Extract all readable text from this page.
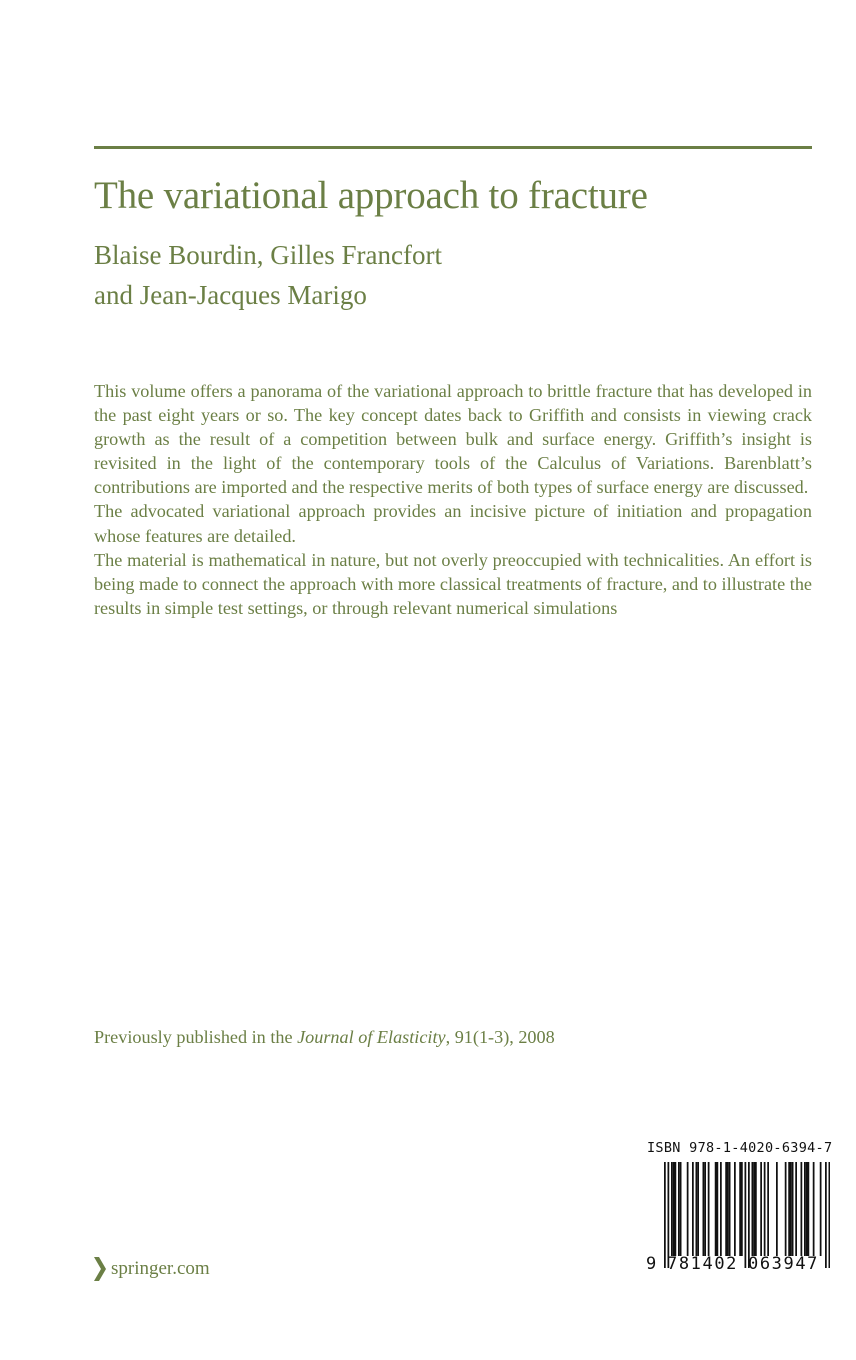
The variational approach to fracture
Blaise Bourdin, Gilles Francfort
and Jean-Jacques Marigo

This volume offers a panorama of the variational approach to brittle fracture that has developed in the past eight years or so. The key concept dates back to Griffith and consists in viewing crack growth as the result of a competition between bulk and surface energy. Griffith’s insight is revisited in the light of the contemporary tools of the Calculus of Variations. Barenblatt’s contributions are imported and the respective merits of both types of surface energy are discussed.

The advocated variational approach provides an incisive picture of initiation and propagation whose features are detailed.

The material is mathematical in nature, but not overly preoccupied with technicalities. An effort is being made to connect the approach with more classical treatments of fracture, and to illustrate the results in simple test settings, or through relevant numerical simulations

Previously published in the Journal of Elasticity, 91(1-3), 2008
springer.com
ISBN 978-1-4020-6394-7
9 781402 063947
